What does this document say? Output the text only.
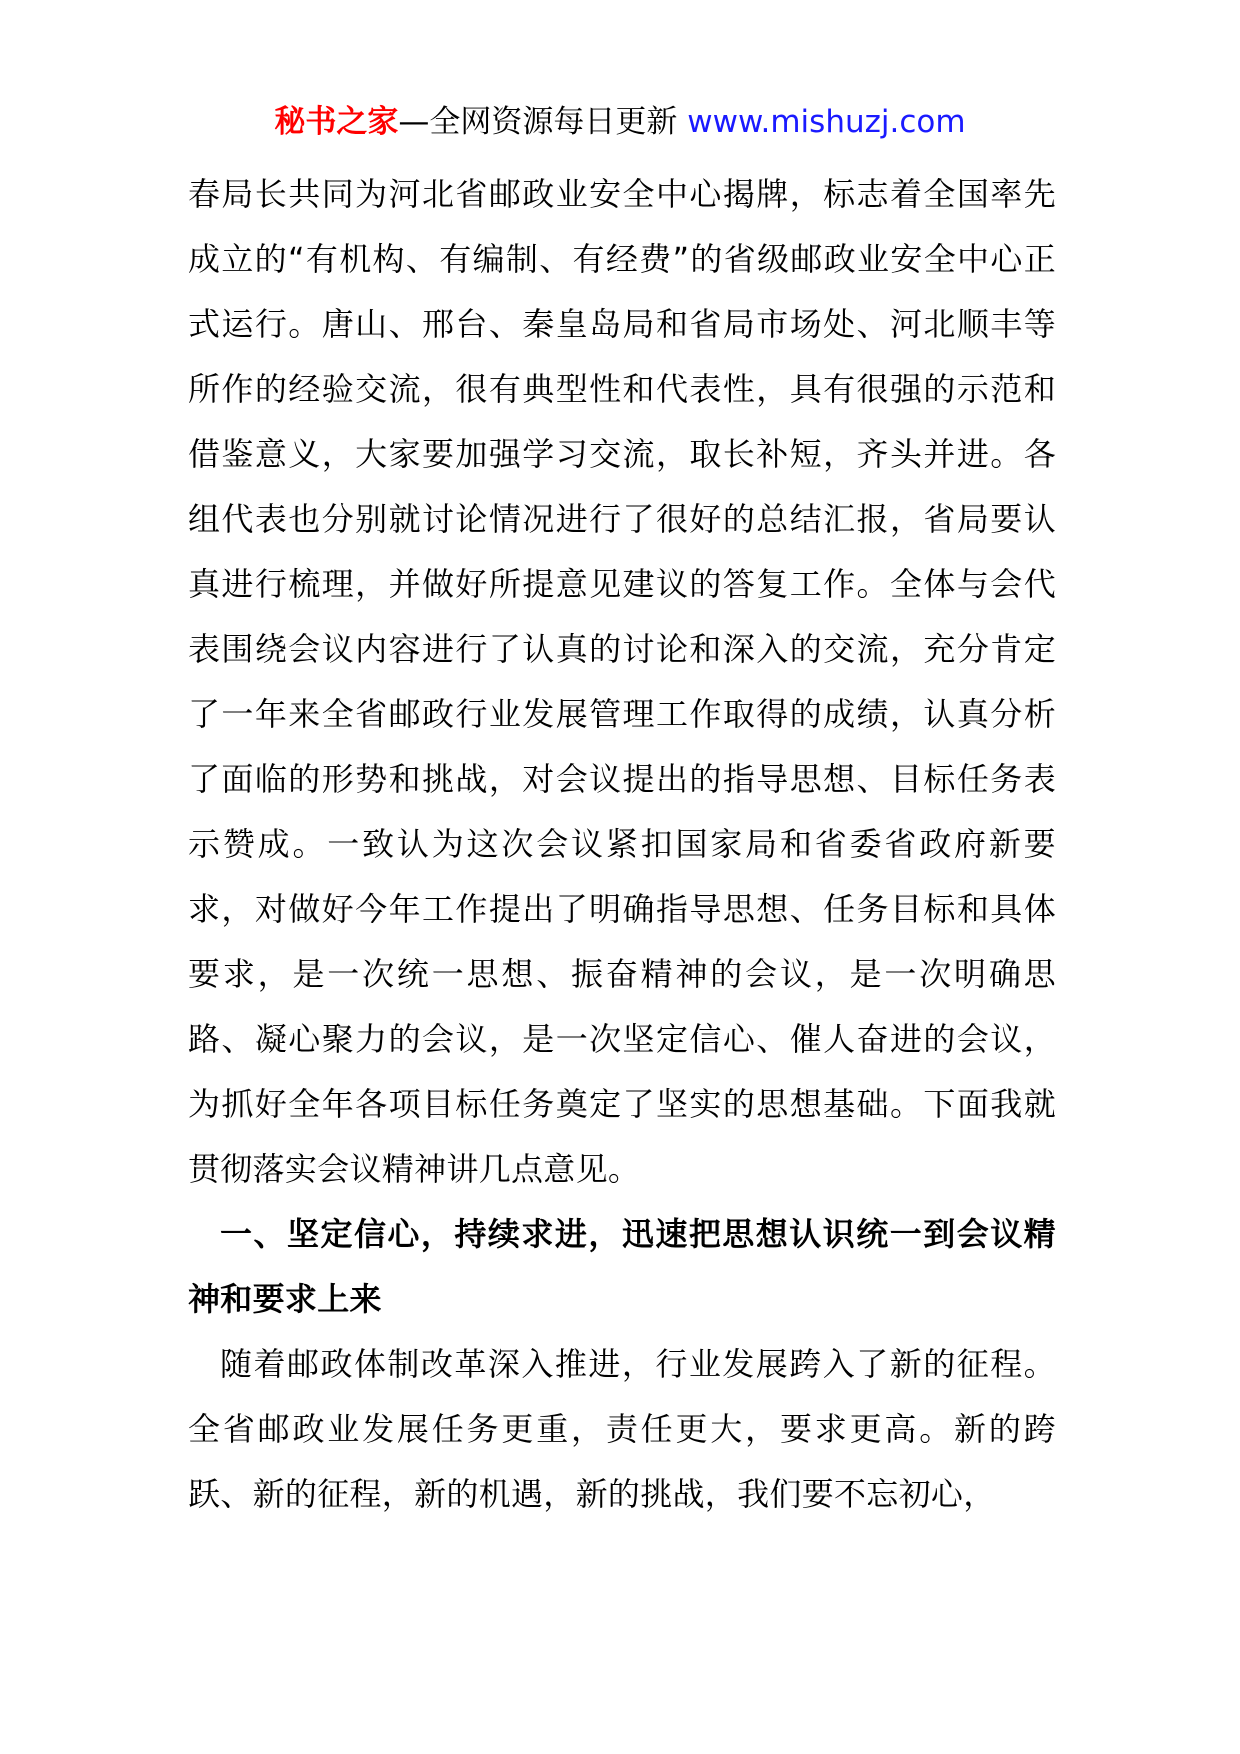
秘书之家—全网资源每日更新 www.mishuzj.com

春局长共同为河北省邮政业安全中心揭牌，标志着全国率先成立的“有机构、有编制、有经费”的省级邮政业安全中心正式运行。唐山、邢台、秦皇岛局和省局市场处、河北顺丰等所作的经验交流，很有典型性和代表性，具有很强的示范和借鉴意义，大家要加强学习交流，取长补短，齐头并进。各组代表也分别就讨论情况进行了很好的总结汇报，省局要认真进行梳理，并做好所提意见建议的答复工作。全体与会代表围绕会议内容进行了认真的讨论和深入的交流，充分肯定了一年来全省邮政行业发展管理工作取得的成绩，认真分析了面临的形势和挑战，对会议提出的指导思想、目标任务表示赞成。一致认为这次会议紧扣国家局和省委省政府新要求，对做好今年工作提出了明确指导思想、任务目标和具体要求，是一次统一思想、振奋精神的会议，是一次明确思路、凝心聚力的会议，是一次坚定信心、催人奋进的会议，为抓好全年各项目标任务奠定了坚实的思想基础。下面我就贯彻落实会议精神讲几点意见。

一、坚定信心，持续求进，迅速把思想认识统一到会议精神和要求上来

随着邮政体制改革深入推进，行业发展跨入了新的征程。全省邮政业发展任务更重，责任更大，要求更高。新的跨跃、新的征程，新的机遇，新的挑战，我们要不忘初心，
